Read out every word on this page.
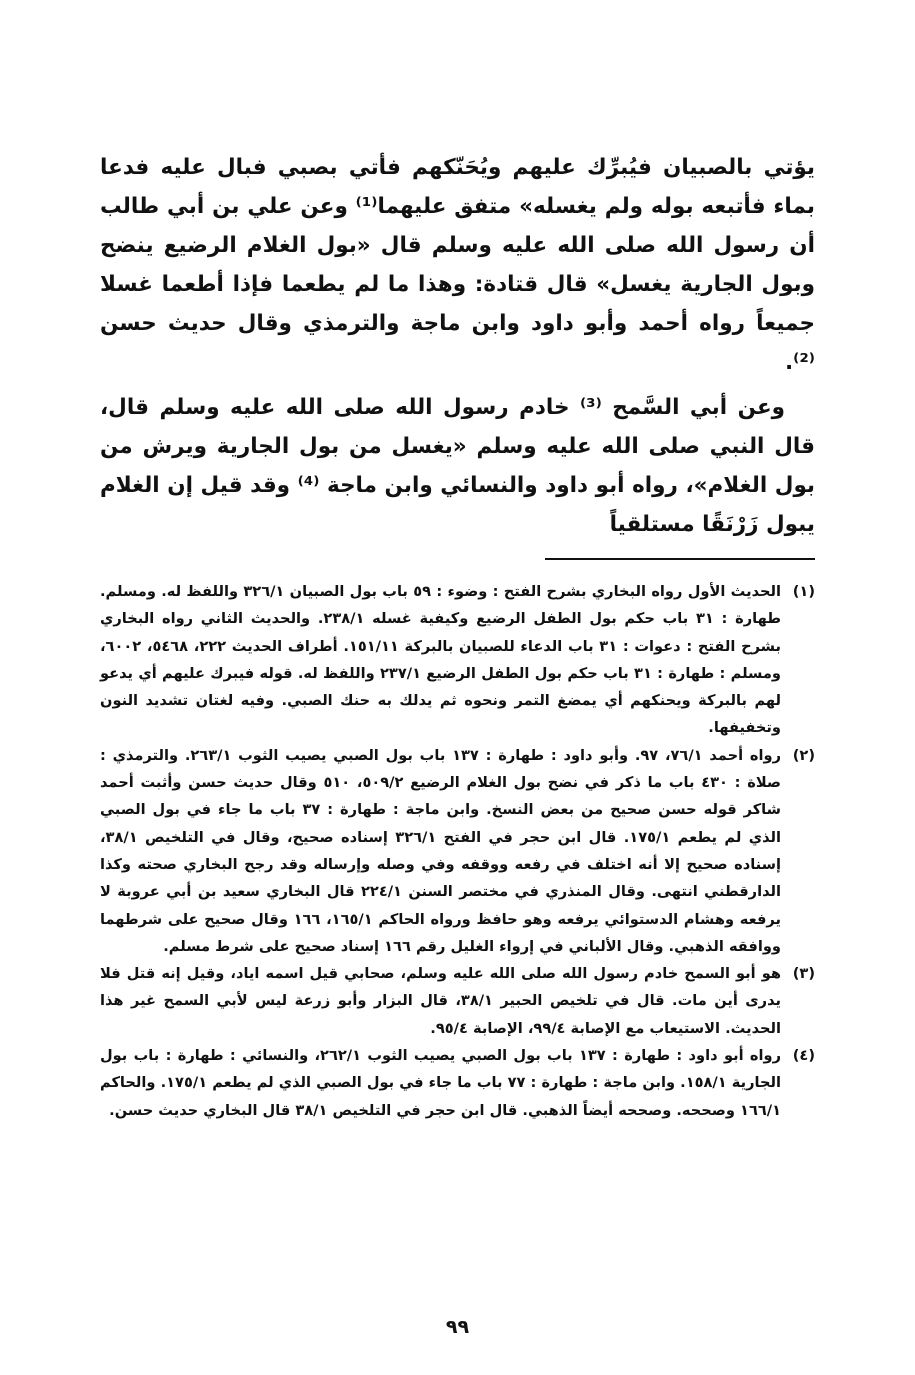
يؤتي بالصبيان فيُبرِّك عليهم ويُحَنّكهم فأتي بصبي فبال عليه فدعا بماء فأتبعه بوله ولم يغسله» متفق عليهما⁽¹⁾ وعن علي بن أبي طالب أن رسول الله صلى الله عليه وسلم قال «بول الغلام الرضيع ينضح وبول الجارية يغسل» قال قتادة: وهذا ما لم يطعما فإذا أطعما غسلا جميعاً رواه أحمد وأبو داود وابن ماجة والترمذي وقال حديث حسن ⁽²⁾.

وعن أبي السَّمح ⁽³⁾ خادم رسول الله صلى الله عليه وسلم قال، قال النبي صلى الله عليه وسلم «يغسل من بول الجارية ويرش من بول الغلام»، رواه أبو داود والنسائي وابن ماجة ⁽⁴⁾ وقد قيل إن الغلام يبول زَرْنَقًا مستلقياً

(١)
الحديث الأول رواه البخاري بشرح الفتح : وضوء : ٥٩ باب بول الصبيان ٣٢٦/١ واللفظ له. ومسلم. طهارة : ٣١ باب حكم بول الطفل الرضيع وكيفية غسله ٢٣٨/١. والحديث الثاني رواه البخاري بشرح الفتح : دعوات : ٣١ باب الدعاء للصبيان بالبركة ١٥١/١١. أطراف الحديث ٢٢٢، ٥٤٦٨، ٦٠٠٢، ومسلم : طهارة : ٣١ باب حكم بول الطفل الرضيع ٢٣٧/١ واللفظ له. قوله فيبرك عليهم أي يدعو لهم بالبركة ويحنكهم أي يمضغ التمر ونحوه ثم يدلك به حنك الصبي. وفيه لغتان تشديد النون وتخفيفها.
(٢)
رواه أحمد ٧٦/١، ٩٧. وأبو داود : طهارة : ١٣٧ باب بول الصبي يصيب الثوب ٢٦٣/١. والترمذي : صلاة : ٤٣٠ باب ما ذكر في نضح بول الغلام الرضيع ٥٠٩/٢، ٥١٠ وقال حديث حسن وأثبت أحمد شاكر قوله حسن صحيح من بعض النسخ. وابن ماجة : طهارة : ٣٧ باب ما جاء في بول الصبي الذي لم يطعم ١٧٥/١. قال ابن حجر في الفتح ٣٢٦/١ إسناده صحيح، وقال في التلخيص ٣٨/١، إسناده صحيح إلا أنه اختلف في رفعه ووقفه وفي وصله وإرساله وقد رجح البخاري صحته وكذا الدارقطني انتهى. وقال المنذري في مختصر السنن ٢٢٤/١ قال البخاري سعيد بن أبي عروبة لا يرفعه وهشام الدستوائي يرفعه وهو حافظ ورواه الحاكم ١٦٥/١، ١٦٦ وقال صحيح على شرطهما ووافقه الذهبي. وقال الألباني في إرواء الغليل رقم ١٦٦ إسناد صحيح على شرط مسلم.
(٣)
هو أبو السمح خادم رسول الله صلى الله عليه وسلم، صحابي قيل اسمه اياد، وقيل إنه قتل فلا يدرى أين مات. قال في تلخيص الحبير ٣٨/١، قال البزار وأبو زرعة ليس لأبي السمح غير هذا الحديث. الاستيعاب مع الإصابة ٩٩/٤، الإصابة ٩٥/٤.
(٤)
رواه أبو داود : طهارة : ١٣٧ باب بول الصبي يصيب الثوب ٢٦٢/١، والنسائي : طهارة : باب بول الجارية ١٥٨/١. وابن ماجة : طهارة : ٧٧ باب ما جاء في بول الصبي الذي لم يطعم ١٧٥/١. والحاكم ١٦٦/١ وصححه. وصححه أيضاً الذهبي. قال ابن حجر في التلخيص ٣٨/١ قال البخاري حديث حسن.
٩٩
